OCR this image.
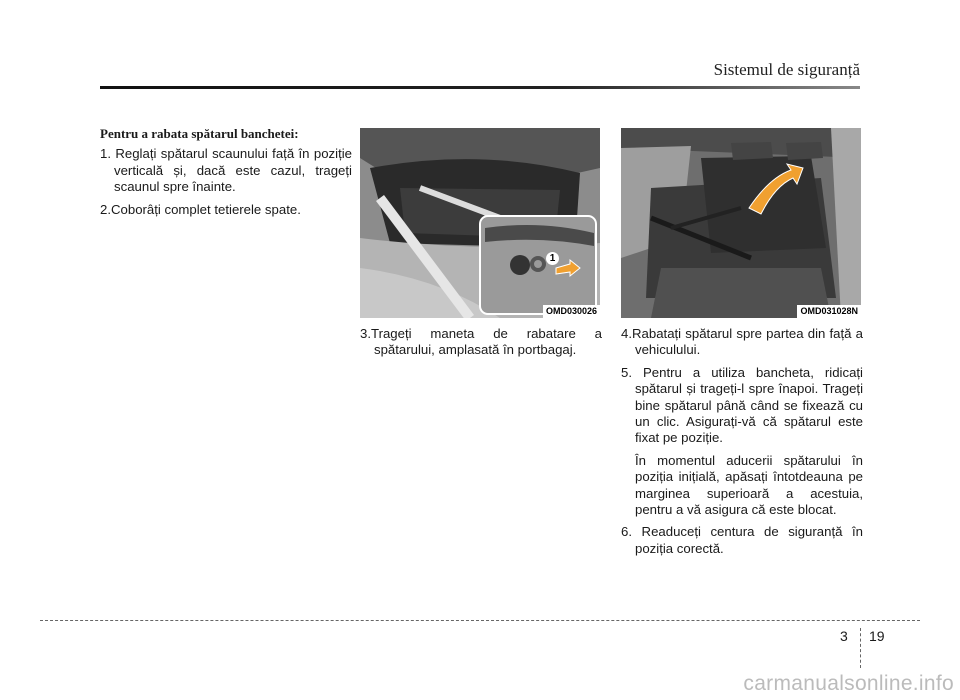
Sistemul de siguranță
Pentru a rabata spătarul banchetei:

1. Reglați spătarul scaunului față în poziție verticală și, dacă este cazul, trageți scaunul spre înainte.

2.Coborâți complet tetierele spate.

1
OMD030026	OMD031028N

3.Trageți maneta de rabatare a spătarului, amplasată în portbagaj.

4.Rabatați spătarul spre partea din față a vehiculului.

5. Pentru a utiliza bancheta, ridicați spătarul și trageți-l spre înapoi. Trageți bine spătarul până când se fixează cu un clic. Asigurați-vă că spătarul este fixat pe poziție.

În momentul aducerii spătarului în poziția inițială, apăsați întotdeauna pe marginea superioară a acestuia, pentru a vă asigura că este blocat.

6. Readuceți centura de siguranță în poziția corectă.

3 19
carmanualsonline.info
